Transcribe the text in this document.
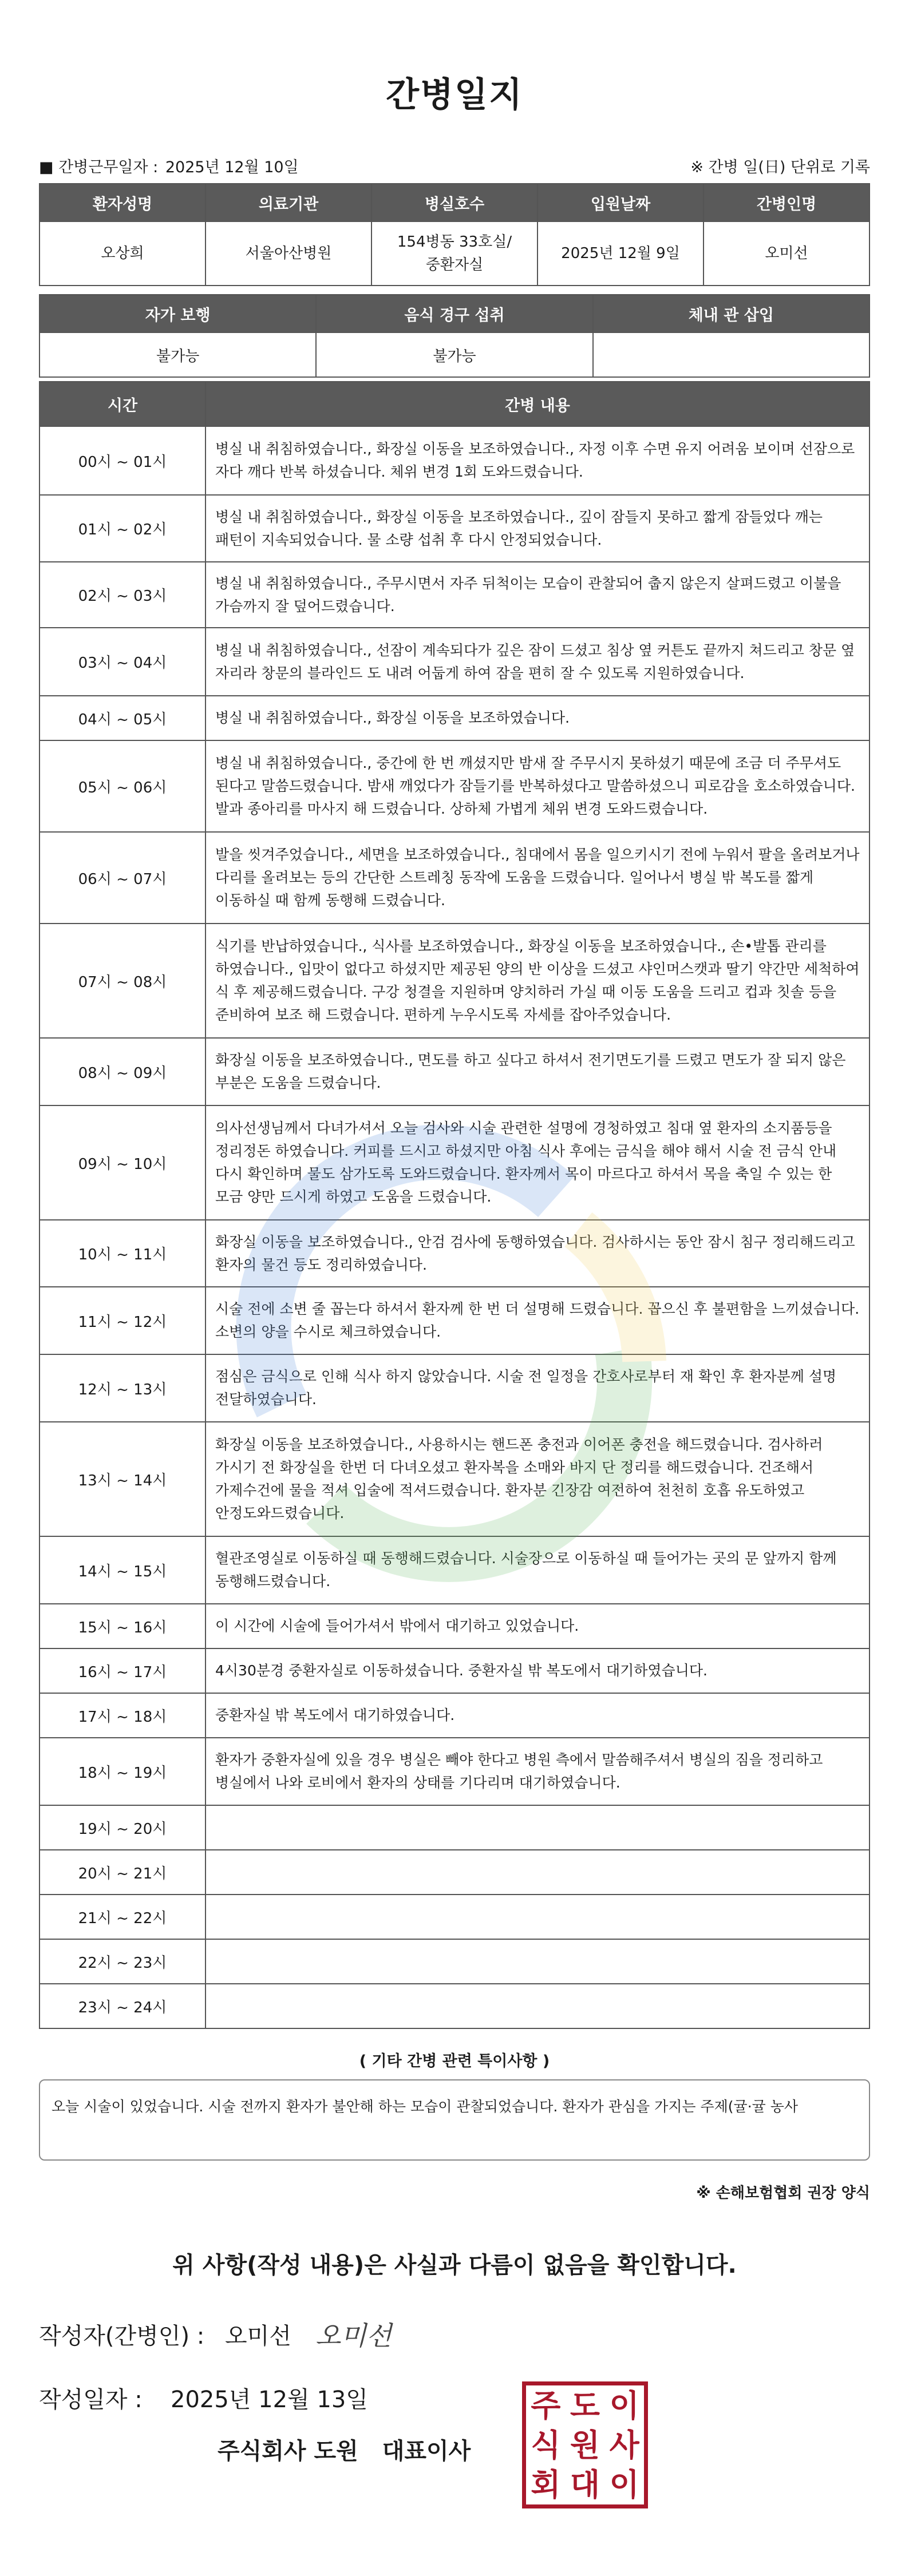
간병일지
■ 간병근무일자 : 2025년 12월 10일	※ 간병 일(日) 단위로 기록
환자성명	의료기관	병실호수	입원날짜	간병인명
오상희	서울아산병원	154병동 33호실/ 중환자실	2025년 12월 9일	오미선
자가 보행	음식 경구 섭취	체내 관 삽입
불가능	불가능	
시간	간병 내용
00시 ~ 01시	병실 내 취침하였습니다., 화장실 이동을 보조하였습니다., 자정 이후 수면 유지 어려움 보이며 선잠으로 자다 깨다 반복 하셨습니다. 체위 변경 1회 도와드렸습니다.
01시 ~ 02시	병실 내 취침하였습니다., 화장실 이동을 보조하였습니다., 깊이 잠들지 못하고 짧게 잠들었다 깨는 패턴이 지속되었습니다. 물 소량 섭취 후 다시 안정되었습니다.
02시 ~ 03시	병실 내 취침하였습니다., 주무시면서 자주 뒤척이는 모습이 관찰되어 춥지 않은지 살펴드렸고 이불을 가슴까지 잘 덮어드렸습니다.
03시 ~ 04시	병실 내 취침하였습니다., 선잠이 계속되다가 깊은 잠이 드셨고 침상 옆 커튼도 끝까지 쳐드리고 창문 옆 자리라 창문의 블라인드 도 내려 어둡게 하여 잠을 편히 잘 수 있도록 지원하였습니다.
04시 ~ 05시	병실 내 취침하였습니다., 화장실 이동을 보조하였습니다.
05시 ~ 06시	병실 내 취침하였습니다., 중간에 한 번 깨셨지만 밤새 잘 주무시지 못하셨기 때문에 조금 더 주무셔도 된다고 말씀드렸습니다. 밤새 깨었다가 잠들기를 반복하셨다고 말씀하셨으니 피로감을 호소하였습니다. 발과 종아리를 마사지 해 드렸습니다. 상하체 가볍게 체위 변경 도와드렸습니다.
06시 ~ 07시	발을 씻겨주었습니다., 세면을 보조하였습니다., 침대에서 몸을 일으키시기 전에 누워서 팔을 올려보거나 다리를 올려보는 등의 간단한 스트레칭 동작에 도움을 드렸습니다. 일어나서 병실 밖 복도를 짧게 이동하실 때 함께 동행해 드렸습니다.
07시 ~ 08시	식기를 반납하였습니다., 식사를 보조하였습니다., 화장실 이동을 보조하였습니다., 손•발톱 관리를 하였습니다., 입맛이 없다고 하셨지만 제공된 양의 반 이상을 드셨고 샤인머스캣과 딸기 약간만 세척하여 식 후 제공해드렸습니다. 구강 청결을 지원하며 양치하러 가실 때 이동 도움을 드리고 컵과 칫솔 등을 준비하여 보조 해 드렸습니다. 편하게 누우시도록 자세를 잡아주었습니다.
08시 ~ 09시	화장실 이동을 보조하였습니다., 면도를 하고 싶다고 하셔서 전기면도기를 드렸고 면도가 잘 되지 않은 부분은 도움을 드렸습니다.
09시 ~ 10시	의사선생님께서 다녀가셔서 오늘 검사와 시술 관련한 설명에 경청하였고 침대 옆 환자의 소지품등을 정리정돈 하였습니다. 커피를 드시고 하셨지만 아침 식사 후에는 금식을 해야 해서 시술 전 금식 안내 다시 확인하며 물도 삼가도록 도와드렸습니다. 환자께서 목이 마르다고 하셔서 목을 축일 수 있는 한 모금 양만 드시게 하였고 도움을 드렸습니다.
10시 ~ 11시	화장실 이동을 보조하였습니다., 안검 검사에 동행하였습니다. 검사하시는 동안 잠시 침구 정리해드리고 환자의 물건 등도 정리하였습니다.
11시 ~ 12시	시술 전에 소변 줄 꼽는다 하셔서 환자께 한 번 더 설명해 드렸습니다. 꼽으신 후 불편함을 느끼셨습니다. 소변의 양을 수시로 체크하였습니다.
12시 ~ 13시	점심은 금식으로 인해 식사 하지 않았습니다. 시술 전 일정을 간호사로부터 재 확인 후 환자분께 설명 전달하였습니다.
13시 ~ 14시	화장실 이동을 보조하였습니다., 사용하시는 핸드폰 충전과 이어폰 충전을 해드렸습니다. 검사하러 가시기 전 화장실을 한번 더 다녀오셨고 환자복을 소매와 바지 단 정리를 해드렸습니다. 건조해서 가제수건에 물을 적셔 입술에 적셔드렸습니다. 환자분 긴장감 여전하여 천천히 호흡 유도하였고 안정도와드렸습니다.
14시 ~ 15시	혈관조영실로 이동하실 때 동행해드렸습니다. 시술장으로 이동하실 때 들어가는 곳의 문 앞까지 함께 동행해드렸습니다.
15시 ~ 16시	이 시간에 시술에 들어가셔서 밖에서 대기하고 있었습니다.
16시 ~ 17시	4시30분경 중환자실로 이동하셨습니다. 중환자실 밖 복도에서 대기하였습니다.
17시 ~ 18시	중환자실 밖 복도에서 대기하였습니다.
18시 ~ 19시	환자가 중환자실에 있을 경우 병실은 빼야 한다고 병원 측에서 말씀해주셔서 병실의 짐을 정리하고 병실에서 나와 로비에서 환자의 상태를 기다리며 대기하였습니다.
19시 ~ 20시	
20시 ~ 21시	
21시 ~ 22시	
22시 ~ 23시	
23시 ~ 24시	
( 기타 간병 관련 특이사항 )
오늘 시술이 있었습니다. 시술 전까지 환자가 불안해 하는 모습이 관찰되었습니다. 환자가 관심을 가지는 주제(귤·귤 농사
※ 손해보험협회 권장 양식
위 사항(작성 내용)은 사실과 다름이 없음을 확인합니다.
작성자(간병인) : 오미선 오미선
작성일자 :	2025년 12월 13일
주식회사 도원 대표이사
주 도 이
식 원 사
회 대 이
